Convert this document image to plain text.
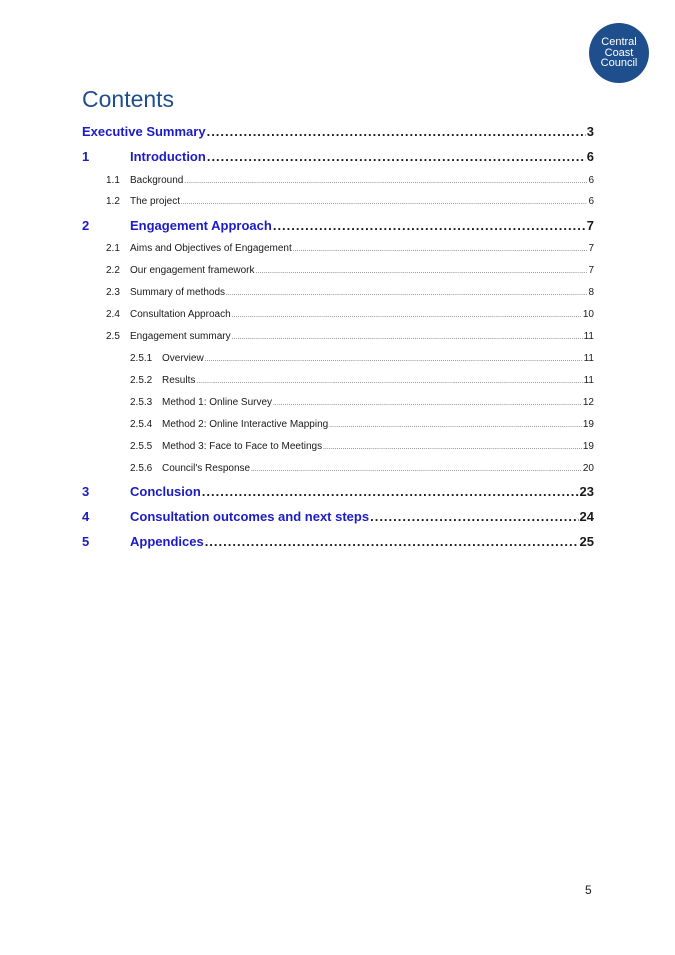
Central
Coast
Council
Contents
Executive Summary .....	3
1	Introduction .....	6
1.1	Background .....	6
1.2	The project .....	6
2	Engagement Approach .....	7
2.1	Aims and Objectives of Engagement .....	7
2.2	Our engagement framework .....	7
2.3	Summary of methods .....	8
2.4	Consultation Approach .....	10
2.5	Engagement summary .....	11
2.5.1 Overview .....	11
2.5.2 Results .....	11
2.5.3 Method 1: Online Survey .....	12
2.5.4 Method 2: Online Interactive Mapping .....	19
2.5.5 Method 3: Face to Face to Meetings .....	19
2.5.6 Council's Response .....	20
3	Conclusion .....	23
4	Consultation outcomes and next steps .....	24
5	Appendices .....	25
5
